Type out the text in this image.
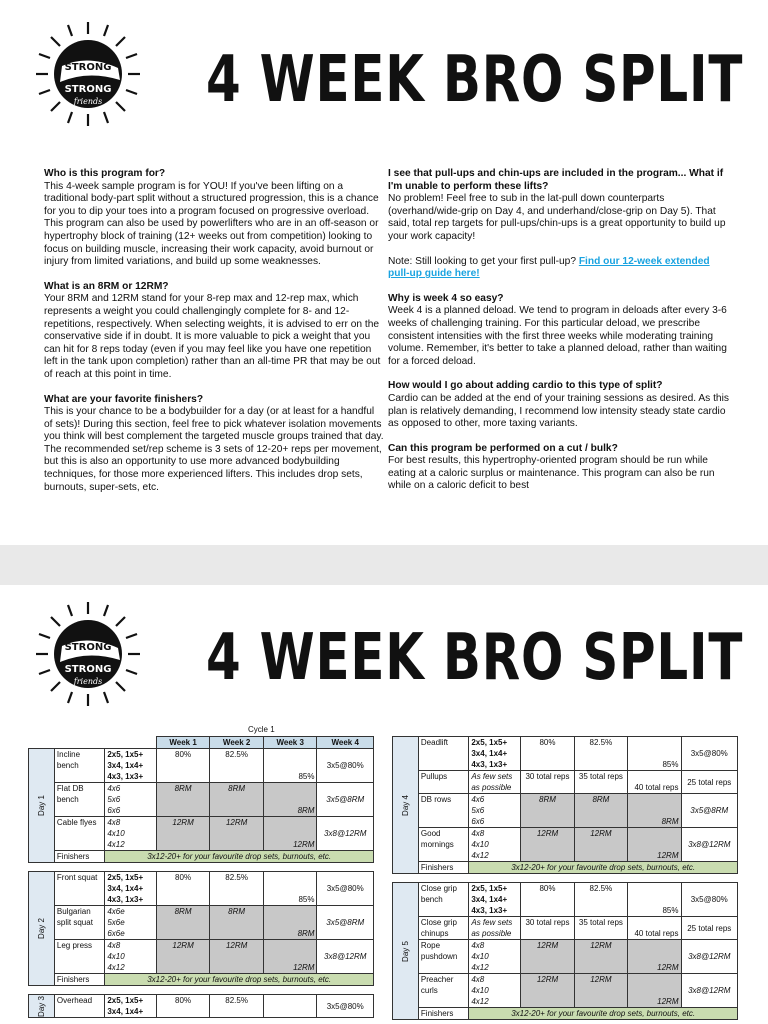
STRONG
STRONG
friends 4 WEEK BRO SPLIT

Who is this program for?

This 4-week sample program is for YOU! If you've been lifting on a traditional body-part split without a structured progression, this is a chance for you to dip your toes into a program focused on progressive overload. This program can also be used by powerlifters who are in an off-season or hypertrophy block of training (12+ weeks out from competition) looking to focus on building muscle, increasing their work capacity, avoid burnout or injury from limited variations, and build up some weaknesses.

What is an 8RM or 12RM?

Your 8RM and 12RM stand for your 8-rep max and 12-rep max, which represents a weight you could challengingly complete for 8- and 12-repetitions, respectively. When selecting weights, it is advised to err on the conservative side if in doubt. It is more valuable to pick a weight that you can hit for 8 reps today (even if you may feel like you have one repetition left in the tank upon completion) rather than an all-time PR that may be out of reach at this point in time.

What are your favorite finishers?

This is your chance to be a bodybuilder for a day (or at least for a handful of sets)! During this section, feel free to pick whatever isolation movements you think will best complement the targeted muscle groups trained that day. The recommended set/rep scheme is 3 sets of 12-20+ reps per movement, but this is also an opportunity to use more advanced bodybuilding techniques, for those more experienced lifters. This includes drop sets, burnouts, super-sets, etc.

I see that pull-ups and chin-ups are included in the program... What if I'm unable to perform these lifts?

No problem! Feel free to sub in the lat-pull down counterparts (overhand/wide-grip on Day 4, and underhand/close-grip on Day 5). That said, total rep targets for pull-ups/chin-ups is a great opportunity to build up your work capacity!

Note: Still looking to get your first pull-up? Find our 12-week extended pull-up guide here!

Why is week 4 so easy?

Week 4 is a planned deload. We tend to program in deloads after every 3-6 weeks of challenging training. For this particular deload, we prescribe consistent intensities with the first three weeks while moderating training volume. Remember, it's better to take a planned deload, rather than waiting for a forced deload.

How would I go about adding cardio to this type of split?

Cardio can be added at the end of your training sessions as desired. As this plan is relatively demanding, I recommend low intensity steady state cardio as opposed to other, more taxing variants.

Can this program be performed on a cut / bulk?

For best results, this hypertrophy-oriented program should be run while eating at a caloric surplus or maintenance. This program can also be run while on a caloric deficit to best

STRONG
STRONG
friends 4 WEEK BRO SPLIT
Cycle 1
			Week 1	Week 2	Week 3	Week 4
Day 1	Incline bench	2x5, 1x5+
3x4, 1x4+
4x3, 1x3+	80%	82.5%	85%	3x5@80%
	Flat DB bench	4x6
5x6
6x6	8RM	8RM	8RM	3x5@8RM
	Cable flyes	4x8
4x10
4x12	12RM	12RM	12RM	3x8@12RM
	Finishers	3x12-20+ for your favourite drop sets, burnouts, etc.				

Day 2	Front squat	2x5, 1x5+
3x4, 1x4+
4x3, 1x3+	80%	82.5%	85%	3x5@80%
	Bulgarian split squat	4x6e
5x6e
6x6e	8RM	8RM	8RM	3x5@8RM
	Leg press	4x8
4x10
4x12	12RM	12RM	12RM	3x8@12RM
	Finishers	3x12-20+ for your favourite drop sets, burnouts, etc.				

Day 3	Overhead	2x5, 1x5+
3x4, 1x4+	80%	82.5%		3x5@80%
Day 4	Deadlift	2x5, 1x5+
3x4, 1x4+
4x3, 1x3+	80%	82.5%	85%	3x5@80%
	Pullups	As few sets
as possible	30 total reps	35 total reps	40 total reps	25 total reps
	DB rows	4x6
5x6
6x6	8RM	8RM	8RM	3x5@8RM
	Good mornings	4x8
4x10
4x12	12RM	12RM	12RM	3x8@12RM
	Finishers	3x12-20+ for your favourite drop sets, burnouts, etc.				

Day 5	Close grip bench	2x5, 1x5+
3x4, 1x4+
4x3, 1x3+	80%	82.5%	85%	3x5@80%
	Close grip chinups	As few sets
as possible	30 total reps	35 total reps	40 total reps	25 total reps
	Rope pushdown	4x8
4x10
4x12	12RM	12RM	12RM	3x8@12RM
	Preacher curls	4x8
4x10
4x12	12RM	12RM	12RM	3x8@12RM
	Finishers	3x12-20+ for your favourite drop sets, burnouts, etc.				
